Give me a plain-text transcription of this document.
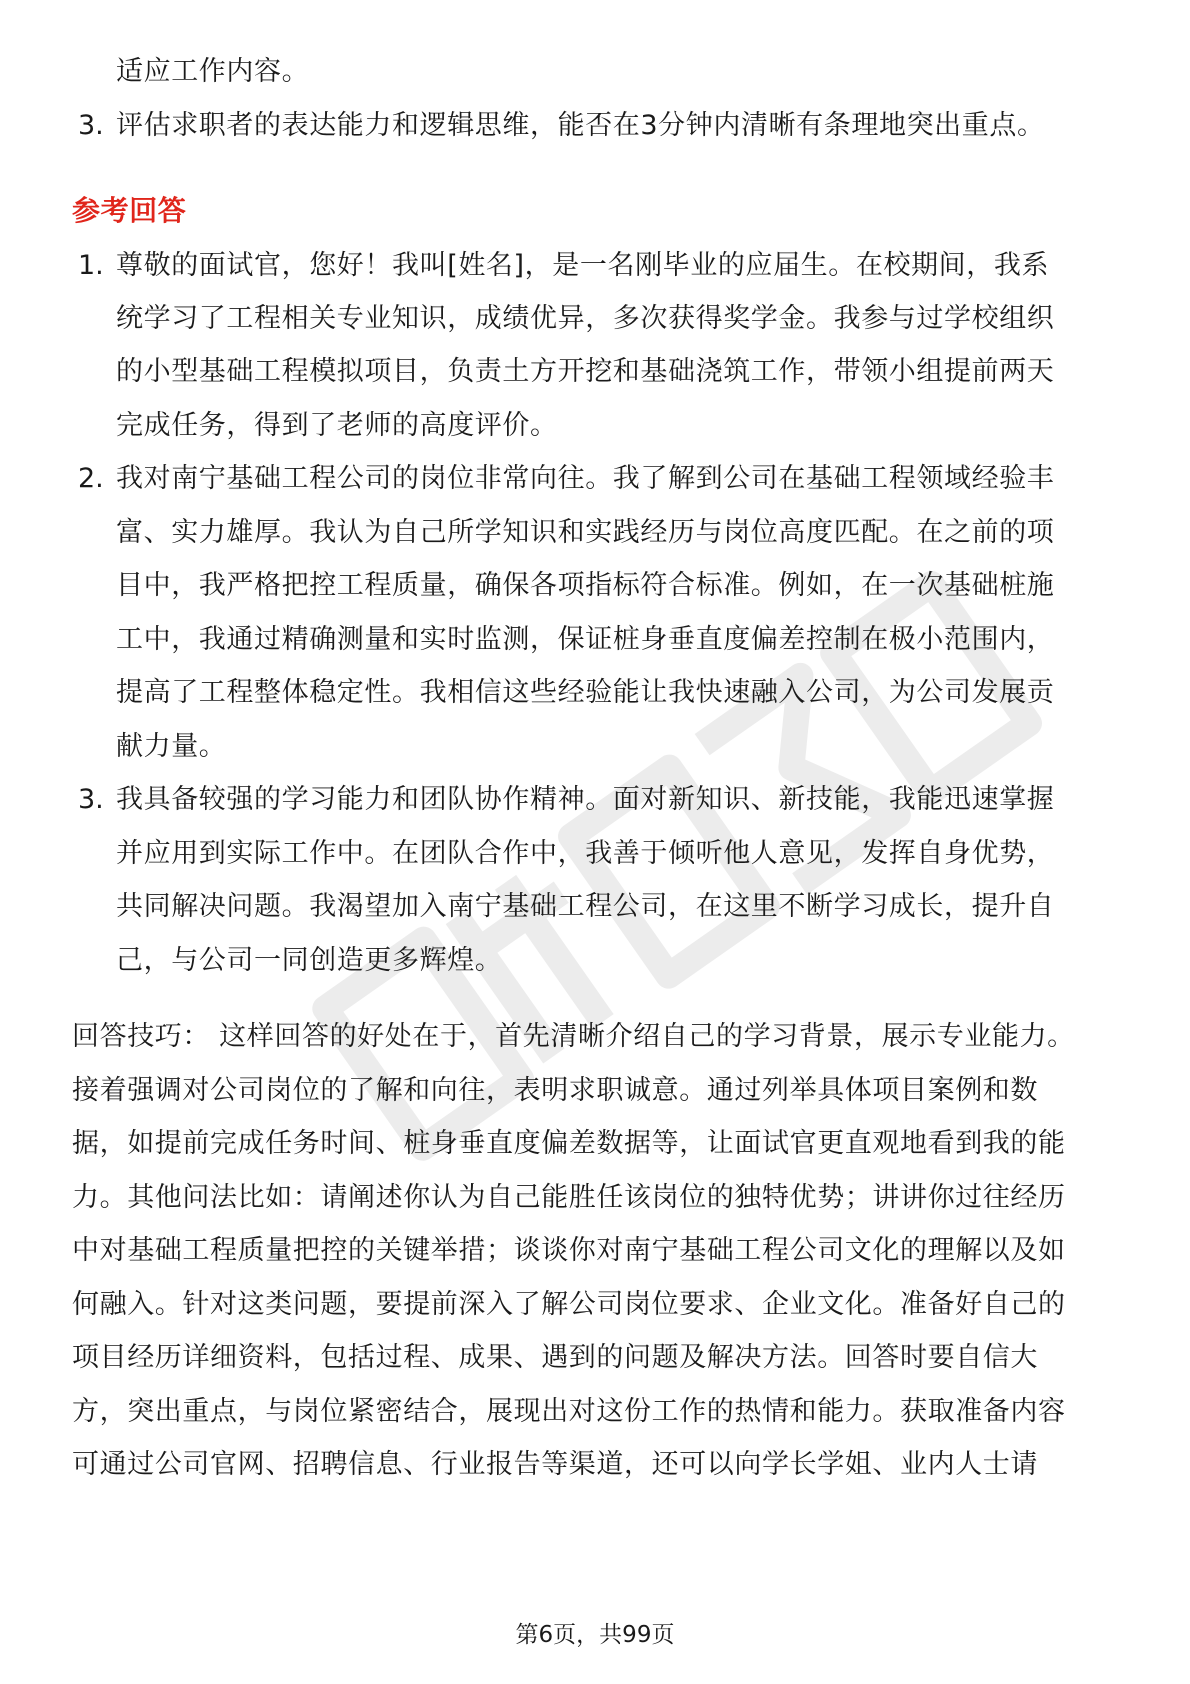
适应工作内容。
3. 评估求职者的表达能力和逻辑思维，能否在3分钟内清晰有条理地突出重点。
参考回答
1. 尊敬的面试官，您好！我叫[姓名]，是一名刚毕业的应届生。在校期间，我系
统学习了工程相关专业知识，成绩优异，多次获得奖学金。我参与过学校组织
的小型基础工程模拟项目，负责土方开挖和基础浇筑工作，带领小组提前两天
完成任务，得到了老师的高度评价。
2. 我对南宁基础工程公司的岗位非常向往。我了解到公司在基础工程领域经验丰
富、实力雄厚。我认为自己所学知识和实践经历与岗位高度匹配。在之前的项
目中，我严格把控工程质量，确保各项指标符合标准。例如，在一次基础桩施
工中，我通过精确测量和实时监测，保证桩身垂直度偏差控制在极小范围内，
提高了工程整体稳定性。我相信这些经验能让我快速融入公司，为公司发展贡
献力量。
3. 我具备较强的学习能力和团队协作精神。面对新知识、新技能，我能迅速掌握
并应用到实际工作中。在团队合作中，我善于倾听他人意见，发挥自身优势，
共同解决问题。我渴望加入南宁基础工程公司，在这里不断学习成长，提升自
己，与公司一同创造更多辉煌。
回答技巧： 这样回答的好处在于，首先清晰介绍自己的学习背景，展示专业能力。
接着强调对公司岗位的了解和向往，表明求职诚意。通过列举具体项目案例和数
据，如提前完成任务时间、桩身垂直度偏差数据等，让面试官更直观地看到我的能
力。其他问法比如：请阐述你认为自己能胜任该岗位的独特优势；讲讲你过往经历
中对基础工程质量把控的关键举措；谈谈你对南宁基础工程公司文化的理解以及如
何融入。针对这类问题，要提前深入了解公司岗位要求、企业文化。准备好自己的
项目经历详细资料，包括过程、成果、遇到的问题及解决方法。回答时要自信大
方，突出重点，与岗位紧密结合，展现出对这份工作的热情和能力。获取准备内容
可通过公司官网、招聘信息、行业报告等渠道，还可以向学长学姐、业内人士请
第6页，共99页
